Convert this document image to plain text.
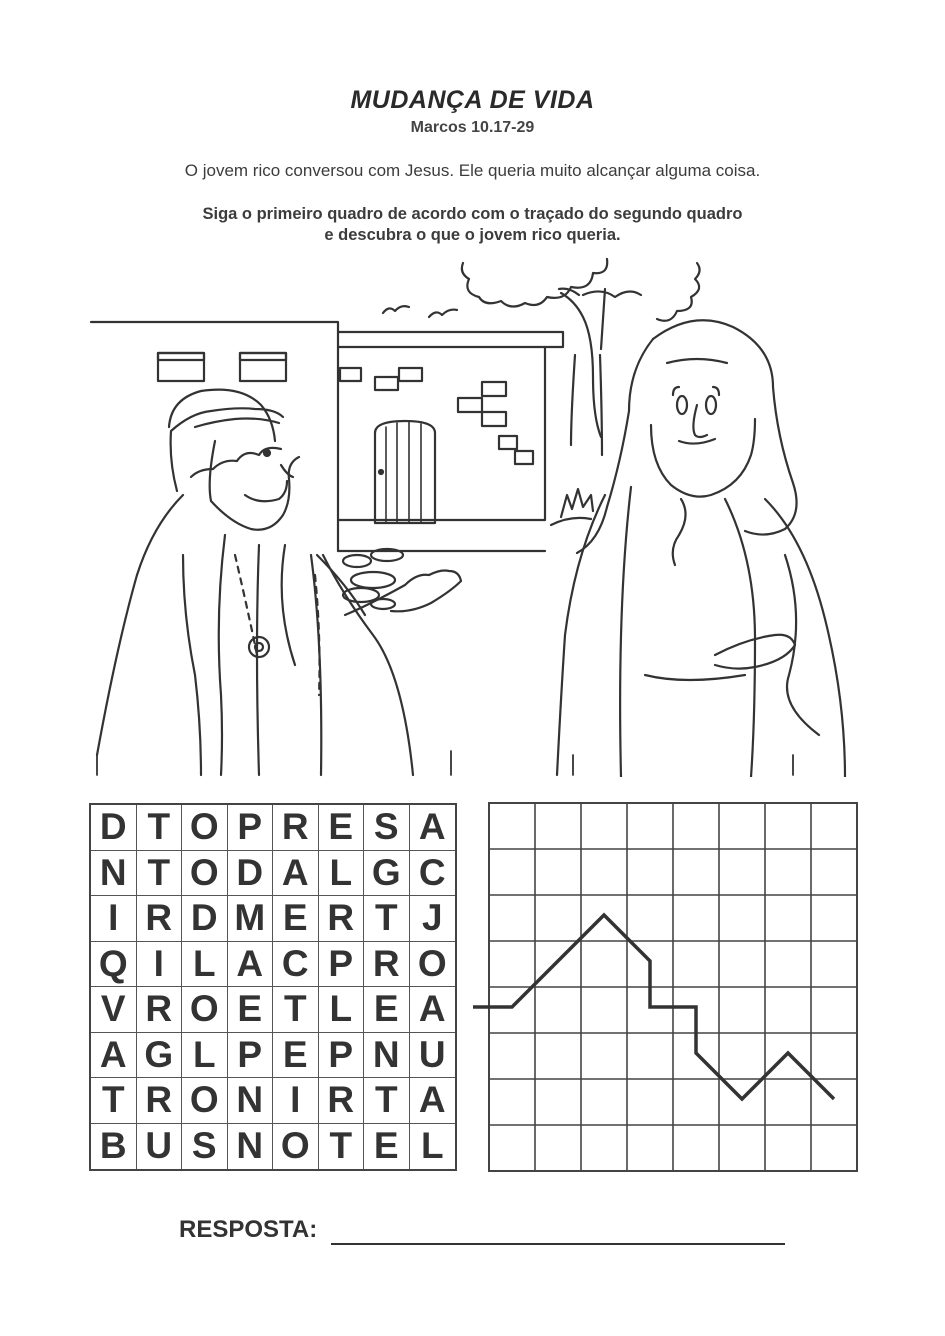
MUDANÇA DE VIDA
Marcos 10.17-29
O jovem rico conversou com Jesus. Ele queria muito alcançar alguma coisa.
Siga o primeiro quadro de acordo com o traçado do segundo quadro
e descubra o que o jovem rico queria.
D T O P R E S A
N T O D A L G C
I R D M E R T J
Q I L A C P R O
V R O E T L E A
A G L P E P N U
T R O N I R T A
B U S N O T E L
RESPOSTA:
